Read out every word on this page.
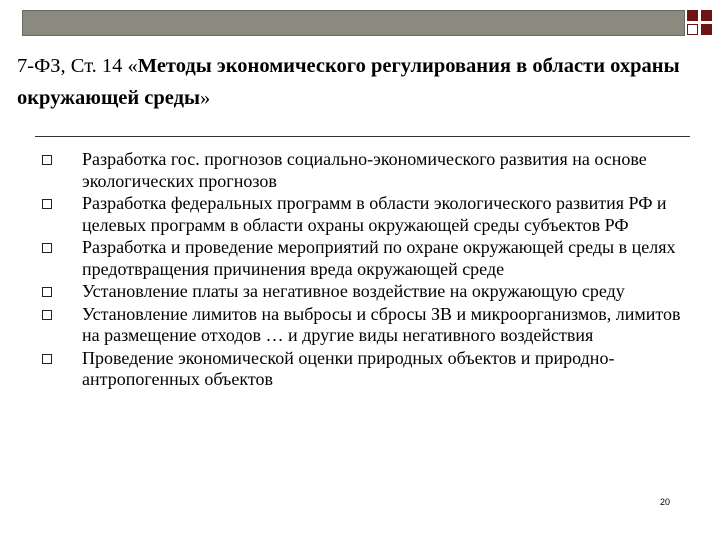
7-ФЗ, Ст. 14 «Методы экономического регулирования в области охраны окружающей среды»
Разработка гос. прогнозов социально-экономического развития на основе экологических прогнозов
Разработка федеральных программ в области экологического развития РФ и целевых программ в области охраны окружающей среды субъектов РФ
Разработка и проведение мероприятий по охране окружающей среды в целях предотвращения причинения вреда окружающей среде
Установление платы за негативное воздействие на окружающую среду
Установление лимитов на выбросы и сбросы ЗВ и микроорганизмов, лимитов на размещение отходов … и другие виды негативного воздействия
Проведение экономической оценки природных объектов и природно-антропогенных объектов
20
